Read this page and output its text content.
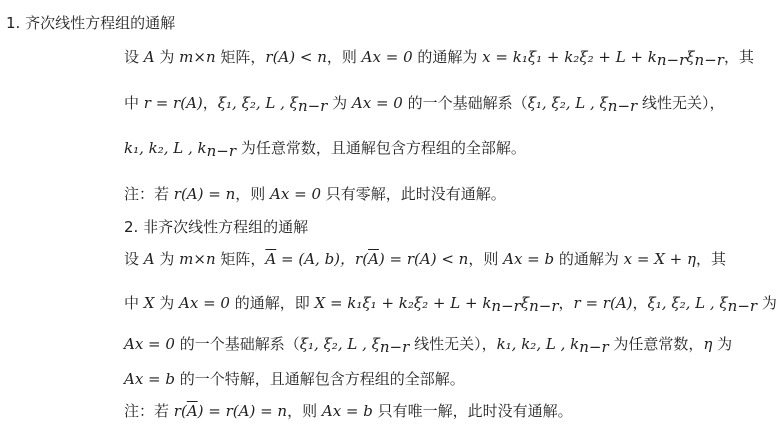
1. 齐次线性方程组的通解
设 A 为 m×n 矩阵，r(A) < n，则 Ax = 0 的通解为 $x = k_1\xi_1 + k_2\xi_2 + L + k_{n-r}\xi_{n-r}$，其
中 r = r(A)，ξ₁, ξ₂, L , $\xi_{n-r}$ 为 Ax = 0 的一个基础解系（ξ₁, ξ₂, L , $\xi_{n-r}$ 线性无关），
k₁, k₂, L , $k_{n-r}$ 为任意常数，且通解包含方程组的全部解。
注：若 r(A) = n，则 Ax = 0 只有零解，此时没有通解。
2. 非齐次线性方程组的通解
设 A 为 m×n 矩阵，$\overline{A} = (A$, b)，$r(\overline{A}) = r(A) < n$，则 Ax = b 的通解为 x = X + η，其
中 X 为 Ax = 0 的通解，即 $X = k_1\xi_1 + k_2\xi_2 + L + k_{n-r}\xi_{n-r}$，r = r(A)，ξ₁, ξ₂, L , $\xi_{n-r}$ 为
Ax = 0 的一个基础解系（ξ₁, ξ₂, L , $\xi_{n-r}$ 线性无关），k₁, k₂, L , $k_{n-r}$ 为任意常数，η 为
Ax = b 的一个特解，且通解包含方程组的全部解。
注：若 $r(\overline{A}) = r(A) = n$，则 Ax = b 只有唯一解，此时没有通解。
